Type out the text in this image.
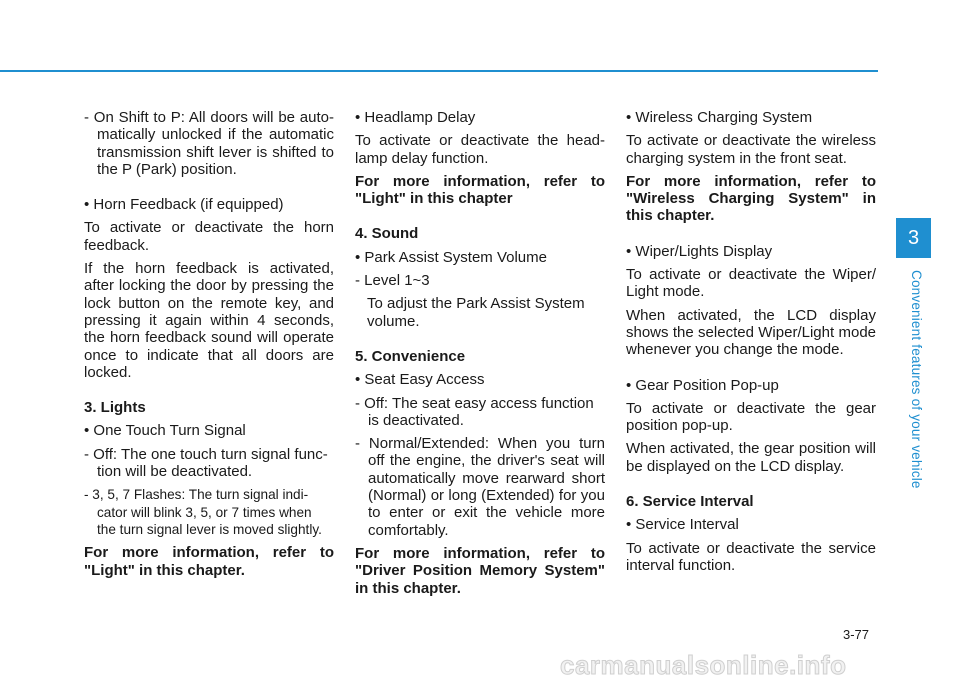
- On Shift to P: All doors will be auto-matically unlocked if the automatic transmission shift lever is shifted to the P (Park) position.

• Horn Feedback (if equipped)

To activate or deactivate the horn feedback.

If the horn feedback is activated, after locking the door by pressing the lock button on the remote key, and pressing it again within 4 seconds, the horn feedback sound will operate once to indicate that all doors are locked.

3. Lights

• One Touch Turn Signal

- Off: The one touch turn signal func-tion will be deactivated.

- 3, 5, 7 Flashes: The turn signal indi-cator will blink 3, 5, or 7 times when the turn signal lever is moved slightly.

For more information, refer to "Light" in this chapter.

• Headlamp Delay

To activate or deactivate the head-lamp delay function.

For more information, refer to "Light" in this chapter

4. Sound

• Park Assist System Volume

- Level 1~3

To adjust the Park Assist System volume.

5. Convenience

• Seat Easy Access

- Off: The seat easy access function is deactivated.

- Normal/Extended: When you turn off the engine, the driver's seat will automatically move rearward short (Normal) or long (Extended) for you to enter or exit the vehicle more comfortably.

For more information, refer to "Driver Position Memory System" in this chapter.

• Wireless Charging System

To activate or deactivate the wireless charging system in the front seat.

For more information, refer to "Wireless Charging System" in this chapter.

• Wiper/Lights Display

To activate or deactivate the Wiper/ Light mode.

When activated, the LCD display shows the selected Wiper/Light mode whenever you change the mode.

• Gear Position Pop-up

To activate or deactivate the gear position pop-up.

When activated, the gear position will be displayed on the LCD display.

6. Service Interval

• Service Interval

To activate or deactivate the service interval function.

3
Convenient features of your vehicle
3-77
carmanualsonline.info
